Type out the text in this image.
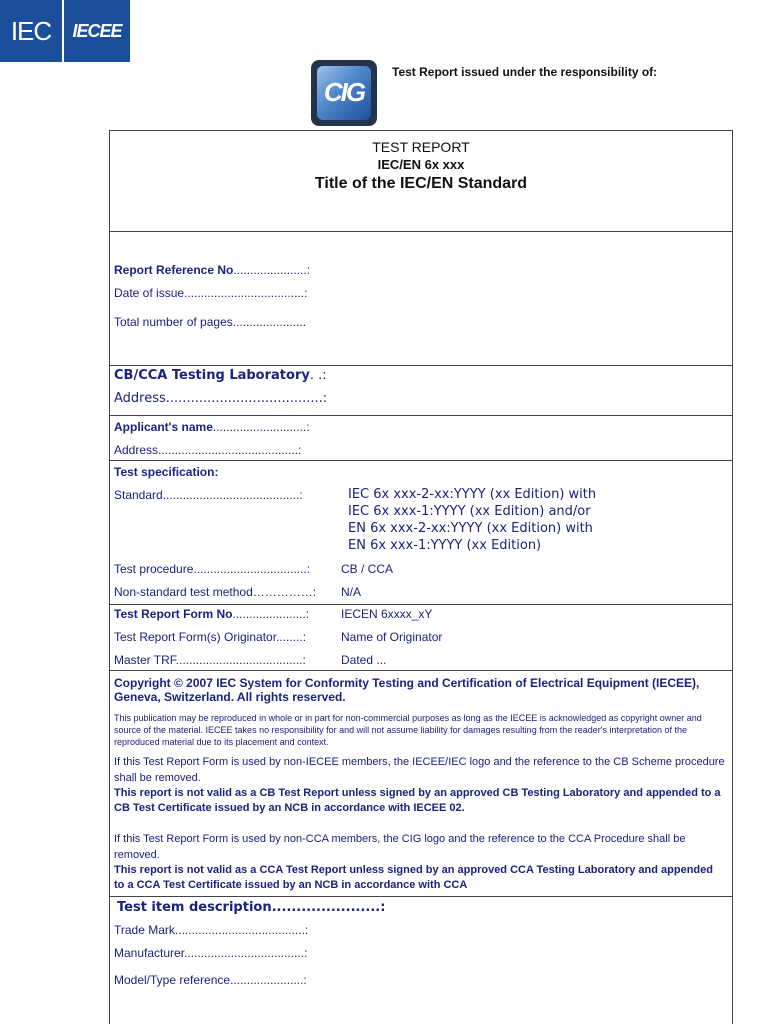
IEC IECEE
CIG
Test Report issued under the responsibility of:
TEST REPORT
IEC/EN 6x xxx
Title of the IEC/EN Standard
Report Reference No......................:
Date of issue....................................:
Total number of pages......................
CB/CCA Testing Laboratory. .:
Address......................................:
Applicant's name............................:
Address..........................................:
Test specification:
Standard.........................................:	IEC 6x xxx-2-xx:YYYY (xx Edition) with
IEC 6x xxx-1:YYYY (xx Edition) and/or
EN 6x xxx-2-xx:YYYY (xx Edition) with
EN 6x xxx-1:YYYY (xx Edition)
Test procedure..................................:	CB / CCA
Non-standard test method……………: N/A
Test Report Form No......................:	IECEN 6xxxx_xY
Test Report Form(s) Originator........:	Name of Originator
Master TRF......................................:	Dated ...
Copyright © 2007 IEC System for Conformity Testing and Certification of Electrical Equipment (IECEE), Geneva, Switzerland. All rights reserved.
This publication may be reproduced in whole or in part for non-commercial purposes as long as the IECEE is acknowledged as copyright owner and source of the material. IECEE takes no responsibility for and will not assume liability for damages resulting from the reader's interpretation of the reproduced material due to its placement and context.
If this Test Report Form is used by non-IECEE members, the IECEE/IEC logo and the reference to the CB Scheme procedure shall be removed.
This report is not valid as a CB Test Report unless signed by an approved CB Testing Laboratory and appended to a CB Test Certificate issued by an NCB in accordance with IECEE 02.
If this Test Report Form is used by non-CCA members, the CIG logo and the reference to the CCA Procedure shall be removed.
This report is not valid as a CCA Test Report unless signed by an approved CCA Testing Laboratory and appended to a CCA Test Certificate issued by an NCB in accordance with CCA
Test item description......................:
Trade Mark.......................................:
Manufacturer....................................:
Model/Type reference......................:
